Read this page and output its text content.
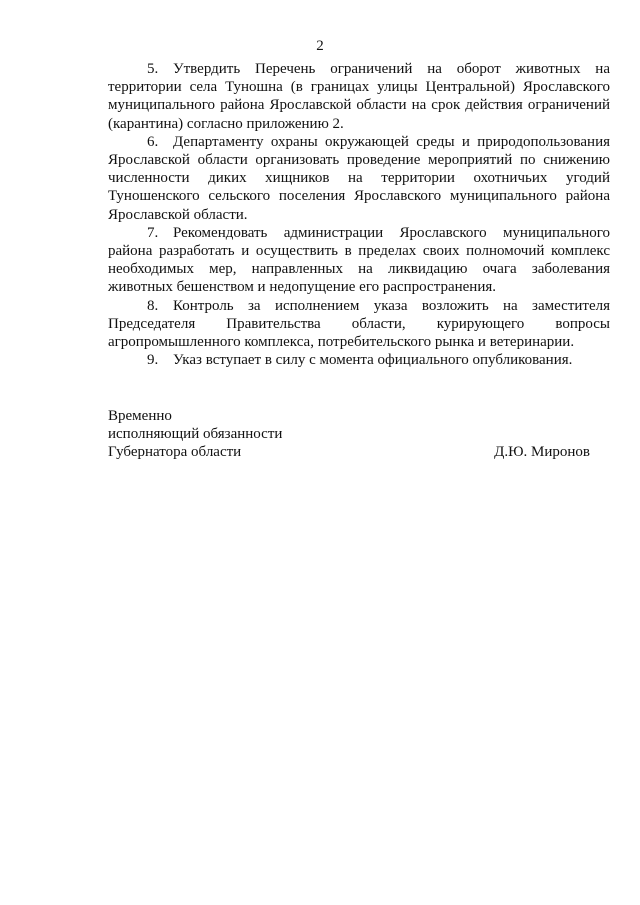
2

5. Утвердить Перечень ограничений на оборот животных на территории села Туношна (в границах улицы Центральной) Ярославского муниципального района Ярославской области на срок действия ограничений (карантина) согласно приложению 2.

6. Департаменту охраны окружающей среды и природопользования Ярославской области организовать проведение мероприятий по снижению численности диких хищников на территории охотничьих угодий Туношенского сельского поселения Ярославского муниципального района Ярославской области.

7. Рекомендовать администрации Ярославского муниципального района разработать и осуществить в пределах своих полномочий комплекс необходимых мер, направленных на ликвидацию очага заболевания животных бешенством и недопущение его распространения.

8. Контроль за исполнением указа возложить на заместителя Председателя Правительства области, курирующего вопросы агропромышленного комплекса, потребительского рынка и ветеринарии.

9. Указ вступает в силу с момента официального опубликования.

Временно
исполняющий обязанности
Губернатора области	Д.Ю. Миронов
